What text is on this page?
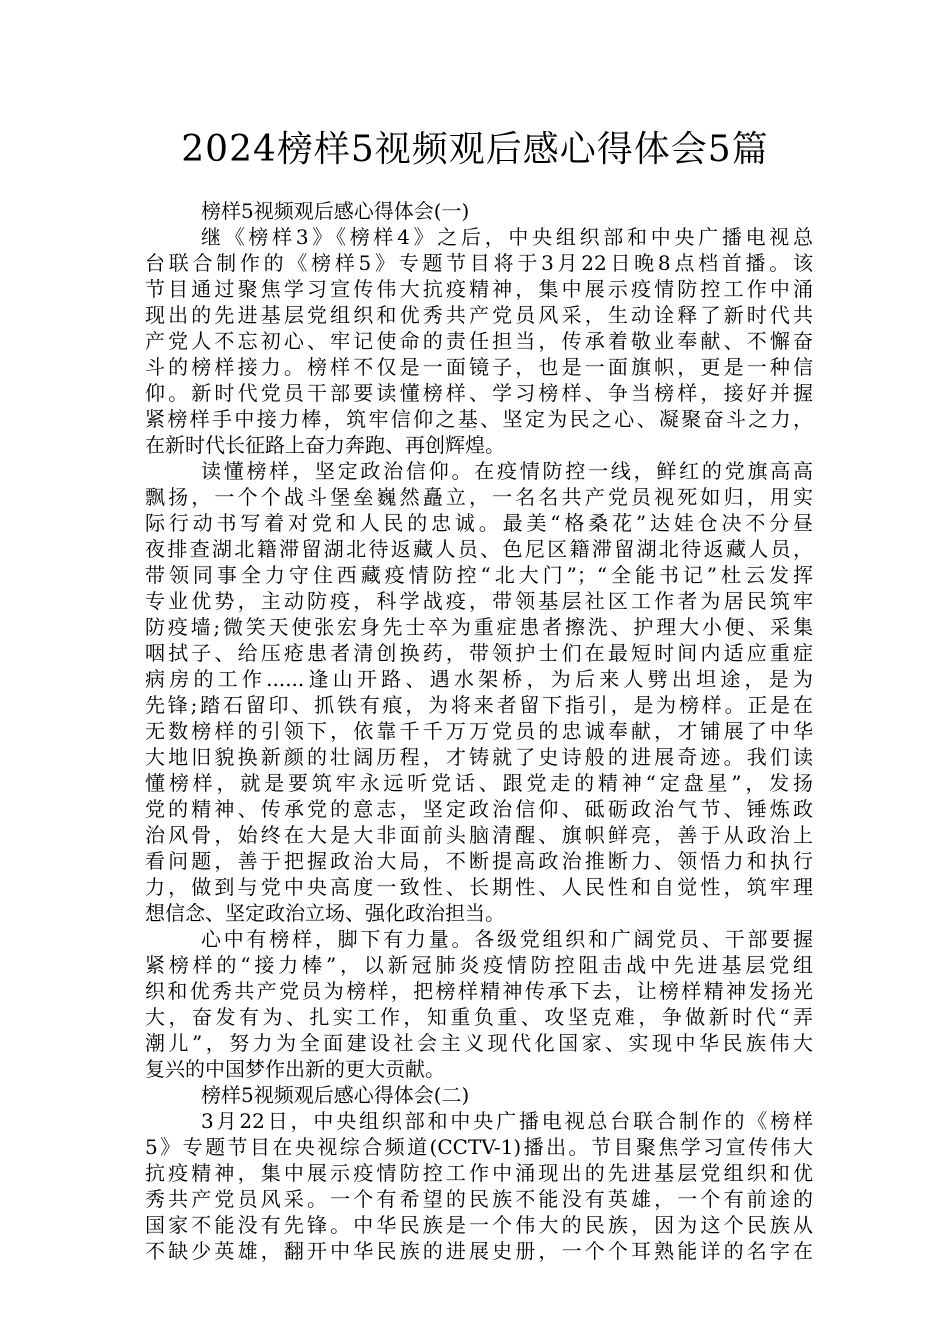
2024榜样5视频观后感心得体会5篇
榜样5视频观后感心得体会(一)
继《榜样3》《榜样4》之后，中央组织部和中央广播电视总
台联合制作的《榜样5》专题节目将于3月22日晚8点档首播。该
节目通过聚焦学习宣传伟大抗疫精神，集中展示疫情防控工作中涌
现出的先进基层党组织和优秀共产党员风采，生动诠释了新时代共
产党人不忘初心、牢记使命的责任担当，传承着敬业奉献、不懈奋
斗的榜样接力。榜样不仅是一面镜子，也是一面旗帜，更是一种信
仰。新时代党员干部要读懂榜样、学习榜样、争当榜样，接好并握
紧榜样手中接力棒，筑牢信仰之基、坚定为民之心、凝聚奋斗之力，
在新时代长征路上奋力奔跑、再创辉煌。
读懂榜样，坚定政治信仰。在疫情防控一线，鲜红的党旗高高
飘扬，一个个战斗堡垒巍然矗立，一名名共产党员视死如归，用实
际行动书写着对党和人民的忠诚。最美“格桑花”达娃仓决不分昼
夜排查湖北籍滞留湖北待返藏人员、色尼区籍滞留湖北待返藏人员，
带领同事全力守住西藏疫情防控“北大门”；“全能书记”杜云发挥
专业优势，主动防疫，科学战疫，带领基层社区工作者为居民筑牢
防疫墙;微笑天使张宏身先士卒为重症患者擦洗、护理大小便、采集
咽拭子、给压疮患者清创换药，带领护士们在最短时间内适应重症
病房的工作......逢山开路、遇水架桥，为后来人劈出坦途，是为
先锋;踏石留印、抓铁有痕，为将来者留下指引，是为榜样。正是在
无数榜样的引领下，依靠千千万万党员的忠诚奉献，才铺展了中华
大地旧貌换新颜的壮阔历程，才铸就了史诗般的进展奇迹。我们读
懂榜样，就是要筑牢永远听党话、跟党走的精神“定盘星”，发扬
党的精神、传承党的意志，坚定政治信仰、砥砺政治气节、锤炼政
治风骨，始终在大是大非面前头脑清醒、旗帜鲜亮，善于从政治上
看问题，善于把握政治大局，不断提高政治推断力、领悟力和执行
力，做到与党中央高度一致性、长期性、人民性和自觉性，筑牢理
想信念、坚定政治立场、强化政治担当。
心中有榜样，脚下有力量。各级党组织和广阔党员、干部要握
紧榜样的“接力棒”，以新冠肺炎疫情防控阻击战中先进基层党组
织和优秀共产党员为榜样，把榜样精神传承下去，让榜样精神发扬光
大，奋发有为、扎实工作，知重负重、攻坚克难，争做新时代“弄
潮儿”，努力为全面建设社会主义现代化国家、实现中华民族伟大
复兴的中国梦作出新的更大贡献。
榜样5视频观后感心得体会(二)
3月22日，中央组织部和中央广播电视总台联合制作的《榜样
5》专题节目在央视综合频道(CCTV-1)播出。节目聚焦学习宣传伟大
抗疫精神，集中展示疫情防控工作中涌现出的先进基层党组织和优
秀共产党员风采。一个有希望的民族不能没有英雄，一个有前途的
国家不能没有先锋。中华民族是一个伟大的民族，因为这个民族从
不缺少英雄，翻开中华民族的进展史册，一个个耳熟能详的名字在
